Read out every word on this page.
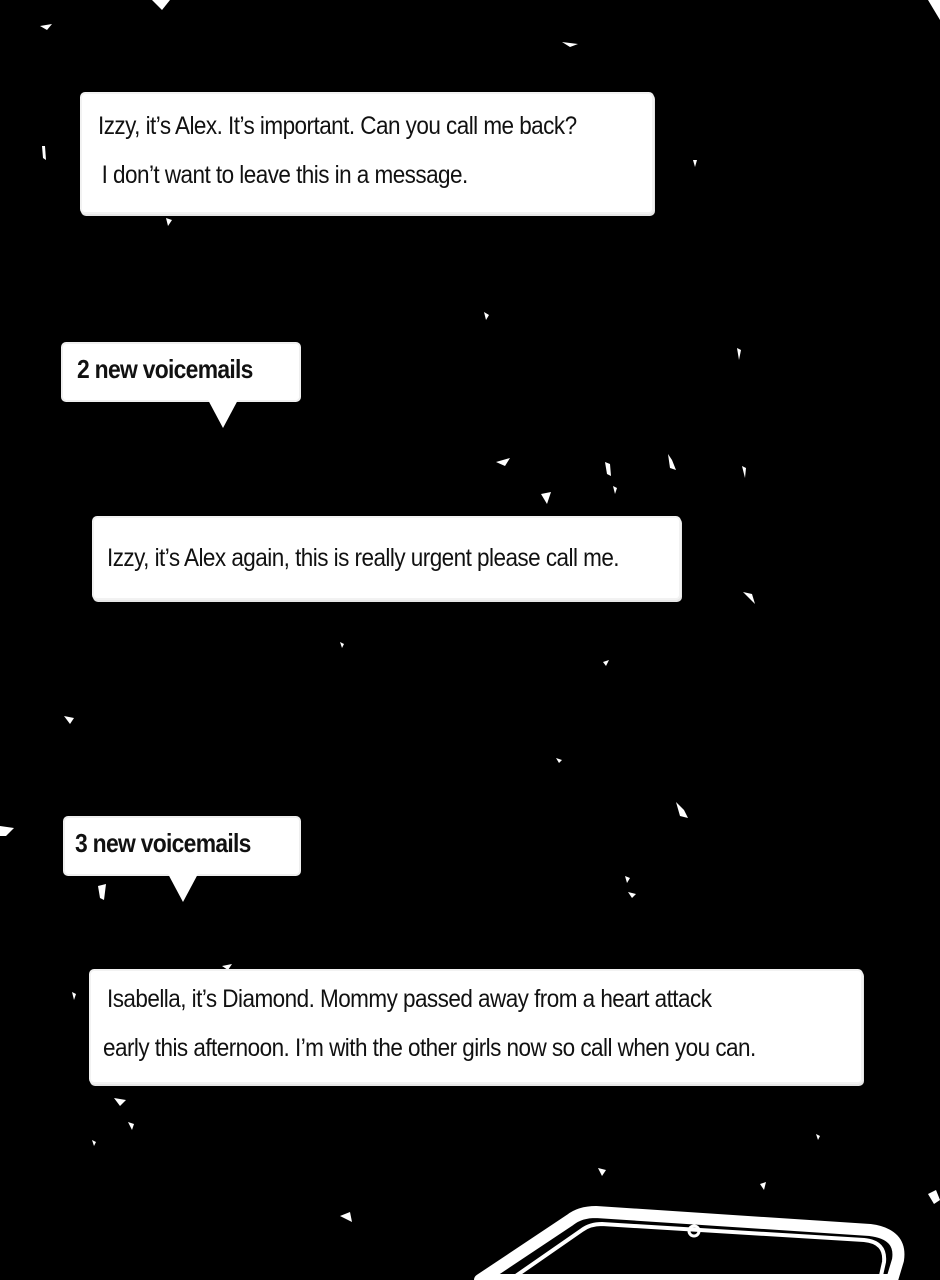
Izzy, it’s Alex. It’s important. Can you call me back?

I don’t want to leave this in a message.

2 new voicemails

Izzy, it’s Alex again, this is really urgent please call me.

3 new voicemails

Isabella, it’s Diamond. Mommy passed away from a heart attack

early this afternoon. I’m with the other girls now so call when you can.
